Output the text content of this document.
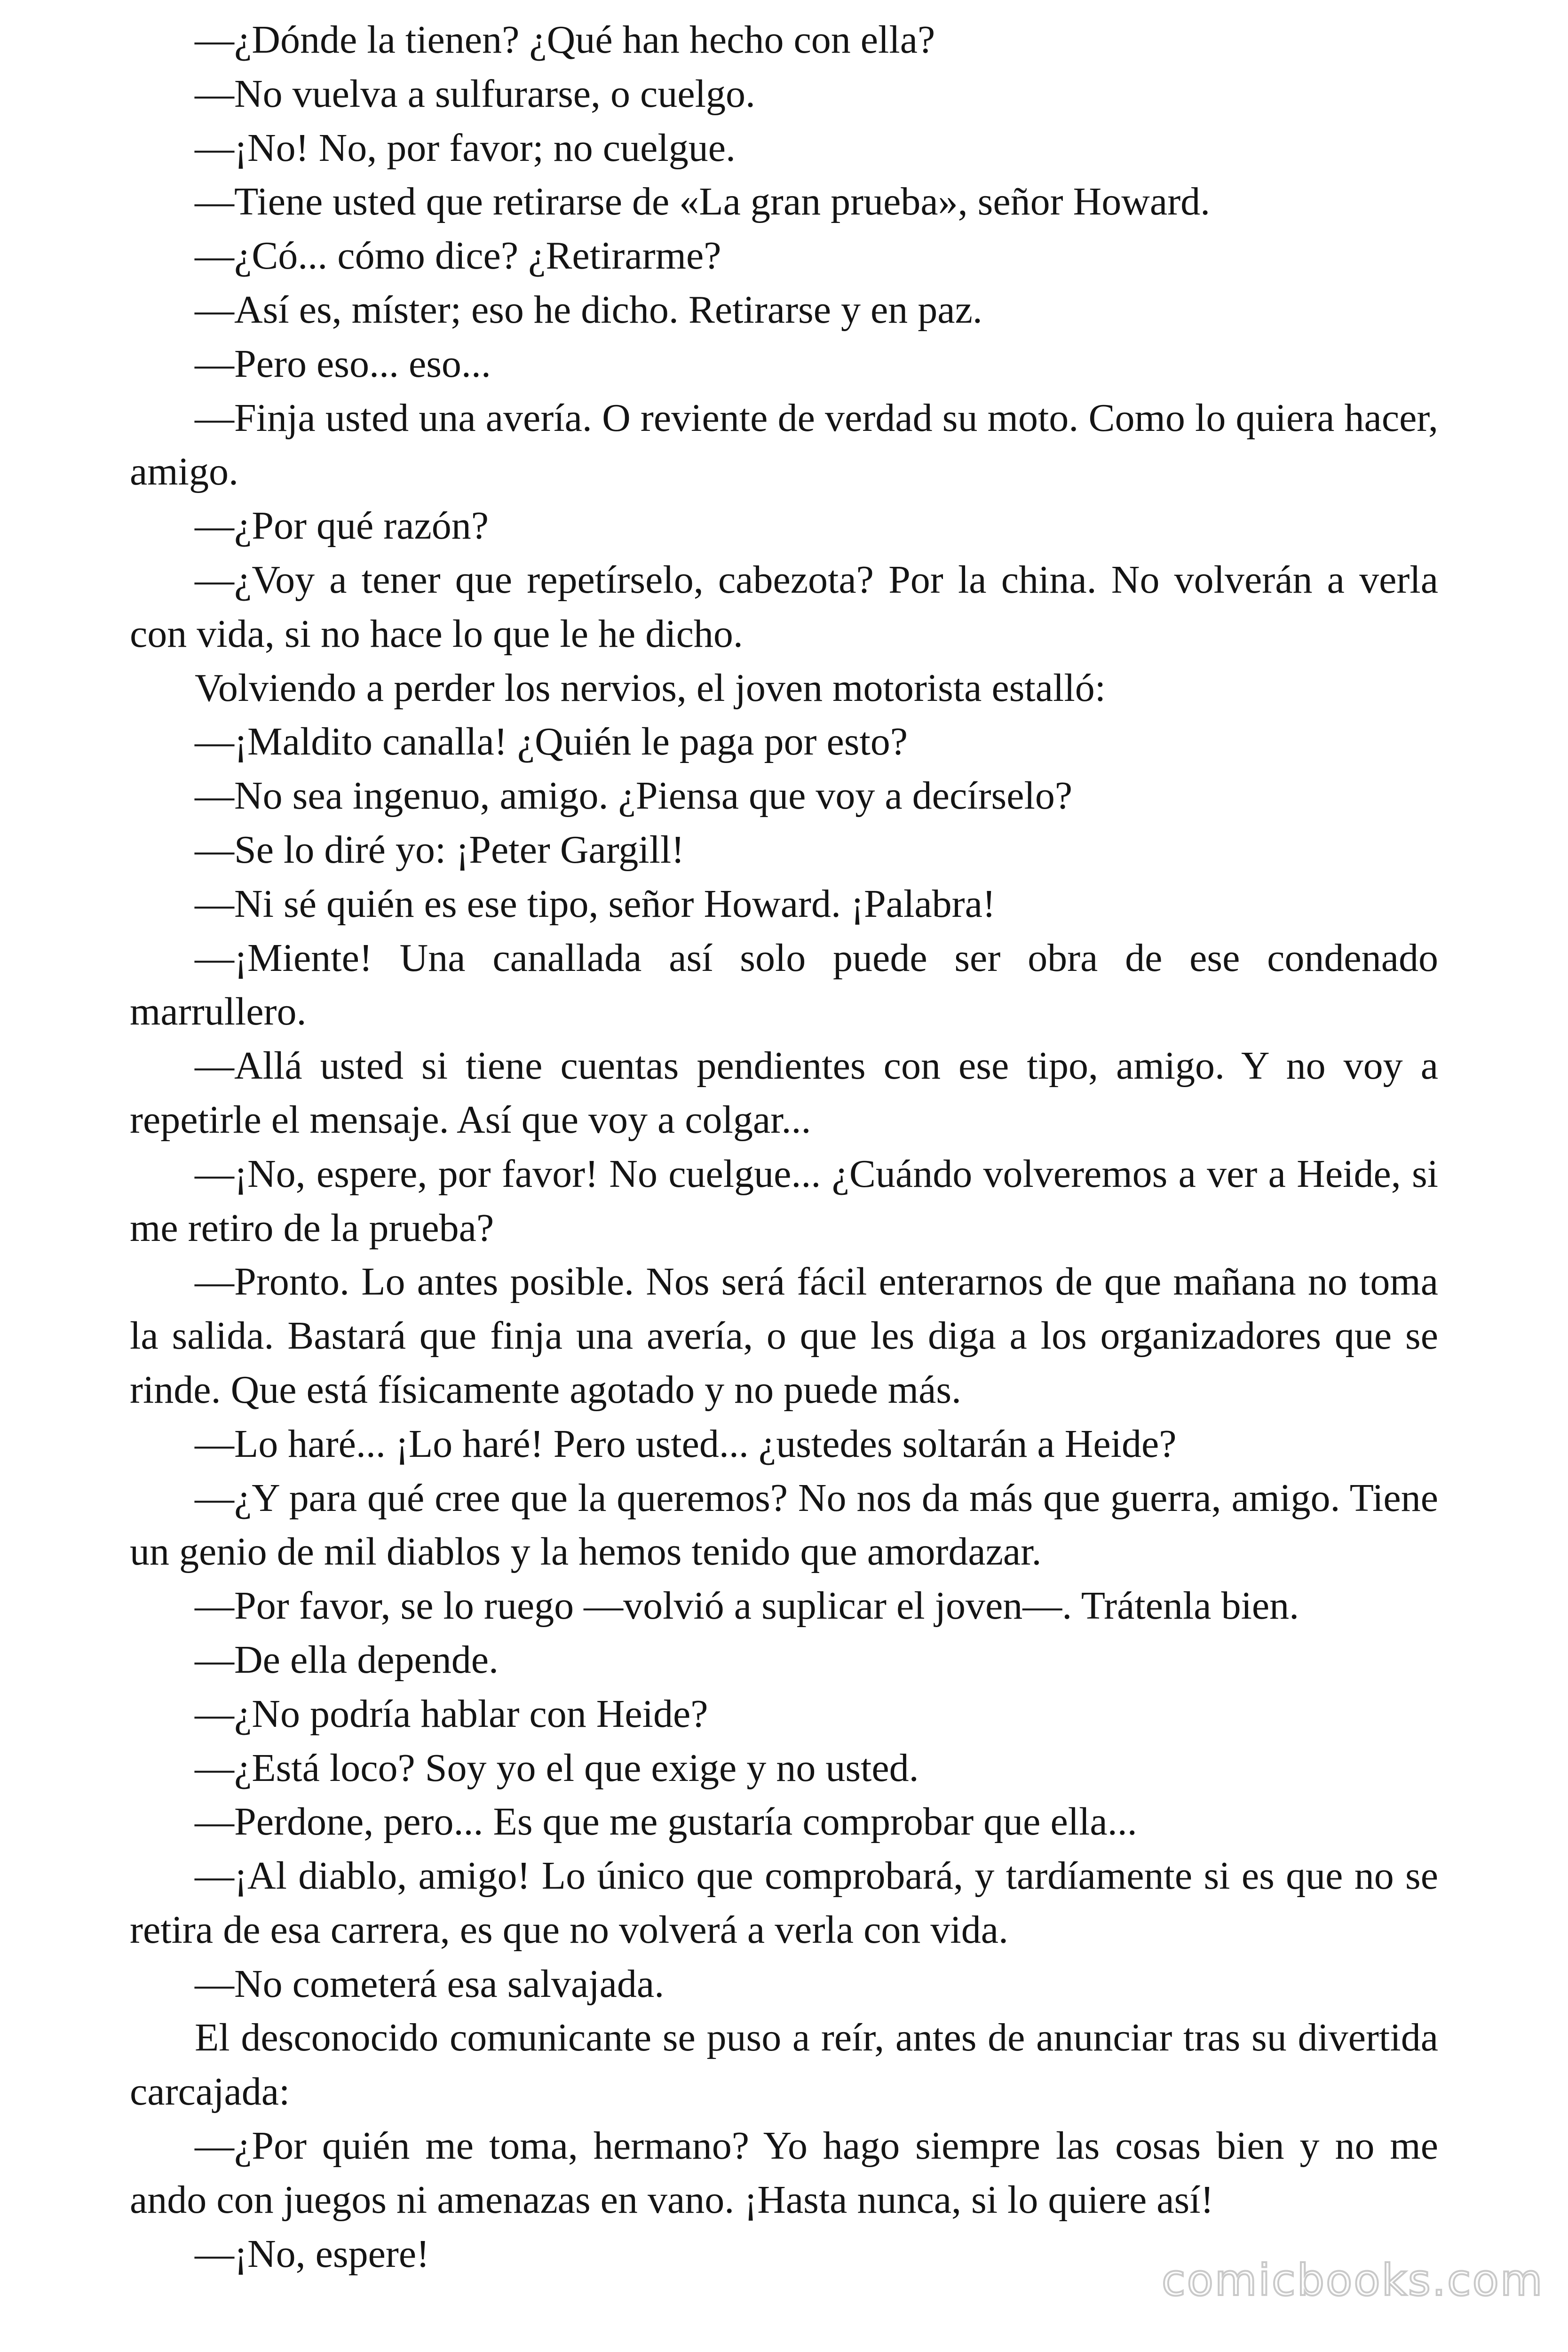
—¿Dónde la tienen? ¿Qué han hecho con ella?

—No vuelva a sulfurarse, o cuelgo.

—¡No! No, por favor; no cuelgue.

—Tiene usted que retirarse de «La gran prueba», señor Howard.

—¿Có... cómo dice? ¿Retirarme?

—Así es, míster; eso he dicho. Retirarse y en paz.

—Pero eso... eso...

—Finja usted una avería. O reviente de verdad su moto. Como lo quiera hacer, amigo.

—¿Por qué razón?

—¿Voy a tener que repetírselo, cabezota? Por la china. No volverán a verla con vida, si no hace lo que le he dicho.

Volviendo a perder los nervios, el joven motorista estalló:

—¡Maldito canalla! ¿Quién le paga por esto?

—No sea ingenuo, amigo. ¿Piensa que voy a decírselo?

—Se lo diré yo: ¡Peter Gargill!

—Ni sé quién es ese tipo, señor Howard. ¡Palabra!

—¡Miente! Una canallada así solo puede ser obra de ese condenado marrullero.

—Allá usted si tiene cuentas pendientes con ese tipo, amigo. Y no voy a repetirle el mensaje. Así que voy a colgar...

—¡No, espere, por favor! No cuelgue... ¿Cuándo volveremos a ver a Heide, si me retiro de la prueba?

—Pronto. Lo antes posible. Nos será fácil enterarnos de que mañana no toma la salida. Bastará que finja una avería, o que les diga a los organizadores que se rinde. Que está físicamente agotado y no puede más.

—Lo haré... ¡Lo haré! Pero usted... ¿ustedes soltarán a Heide?

—¿Y para qué cree que la queremos? No nos da más que guerra, amigo. Tiene un genio de mil diablos y la hemos tenido que amordazar.

—Por favor, se lo ruego —volvió a suplicar el joven—. Trátenla bien.

—De ella depende.

—¿No podría hablar con Heide?

—¿Está loco? Soy yo el que exige y no usted.

—Perdone, pero... Es que me gustaría comprobar que ella...

—¡Al diablo, amigo! Lo único que comprobará, y tardíamente si es que no se retira de esa carrera, es que no volverá a verla con vida.

—No cometerá esa salvajada.

El desconocido comunicante se puso a reír, antes de anunciar tras su divertida carcajada:

—¿Por quién me toma, hermano? Yo hago siempre las cosas bien y no me ando con juegos ni amenazas en vano. ¡Hasta nunca, si lo quiere así!

—¡No, espere!

comicbooks.com
